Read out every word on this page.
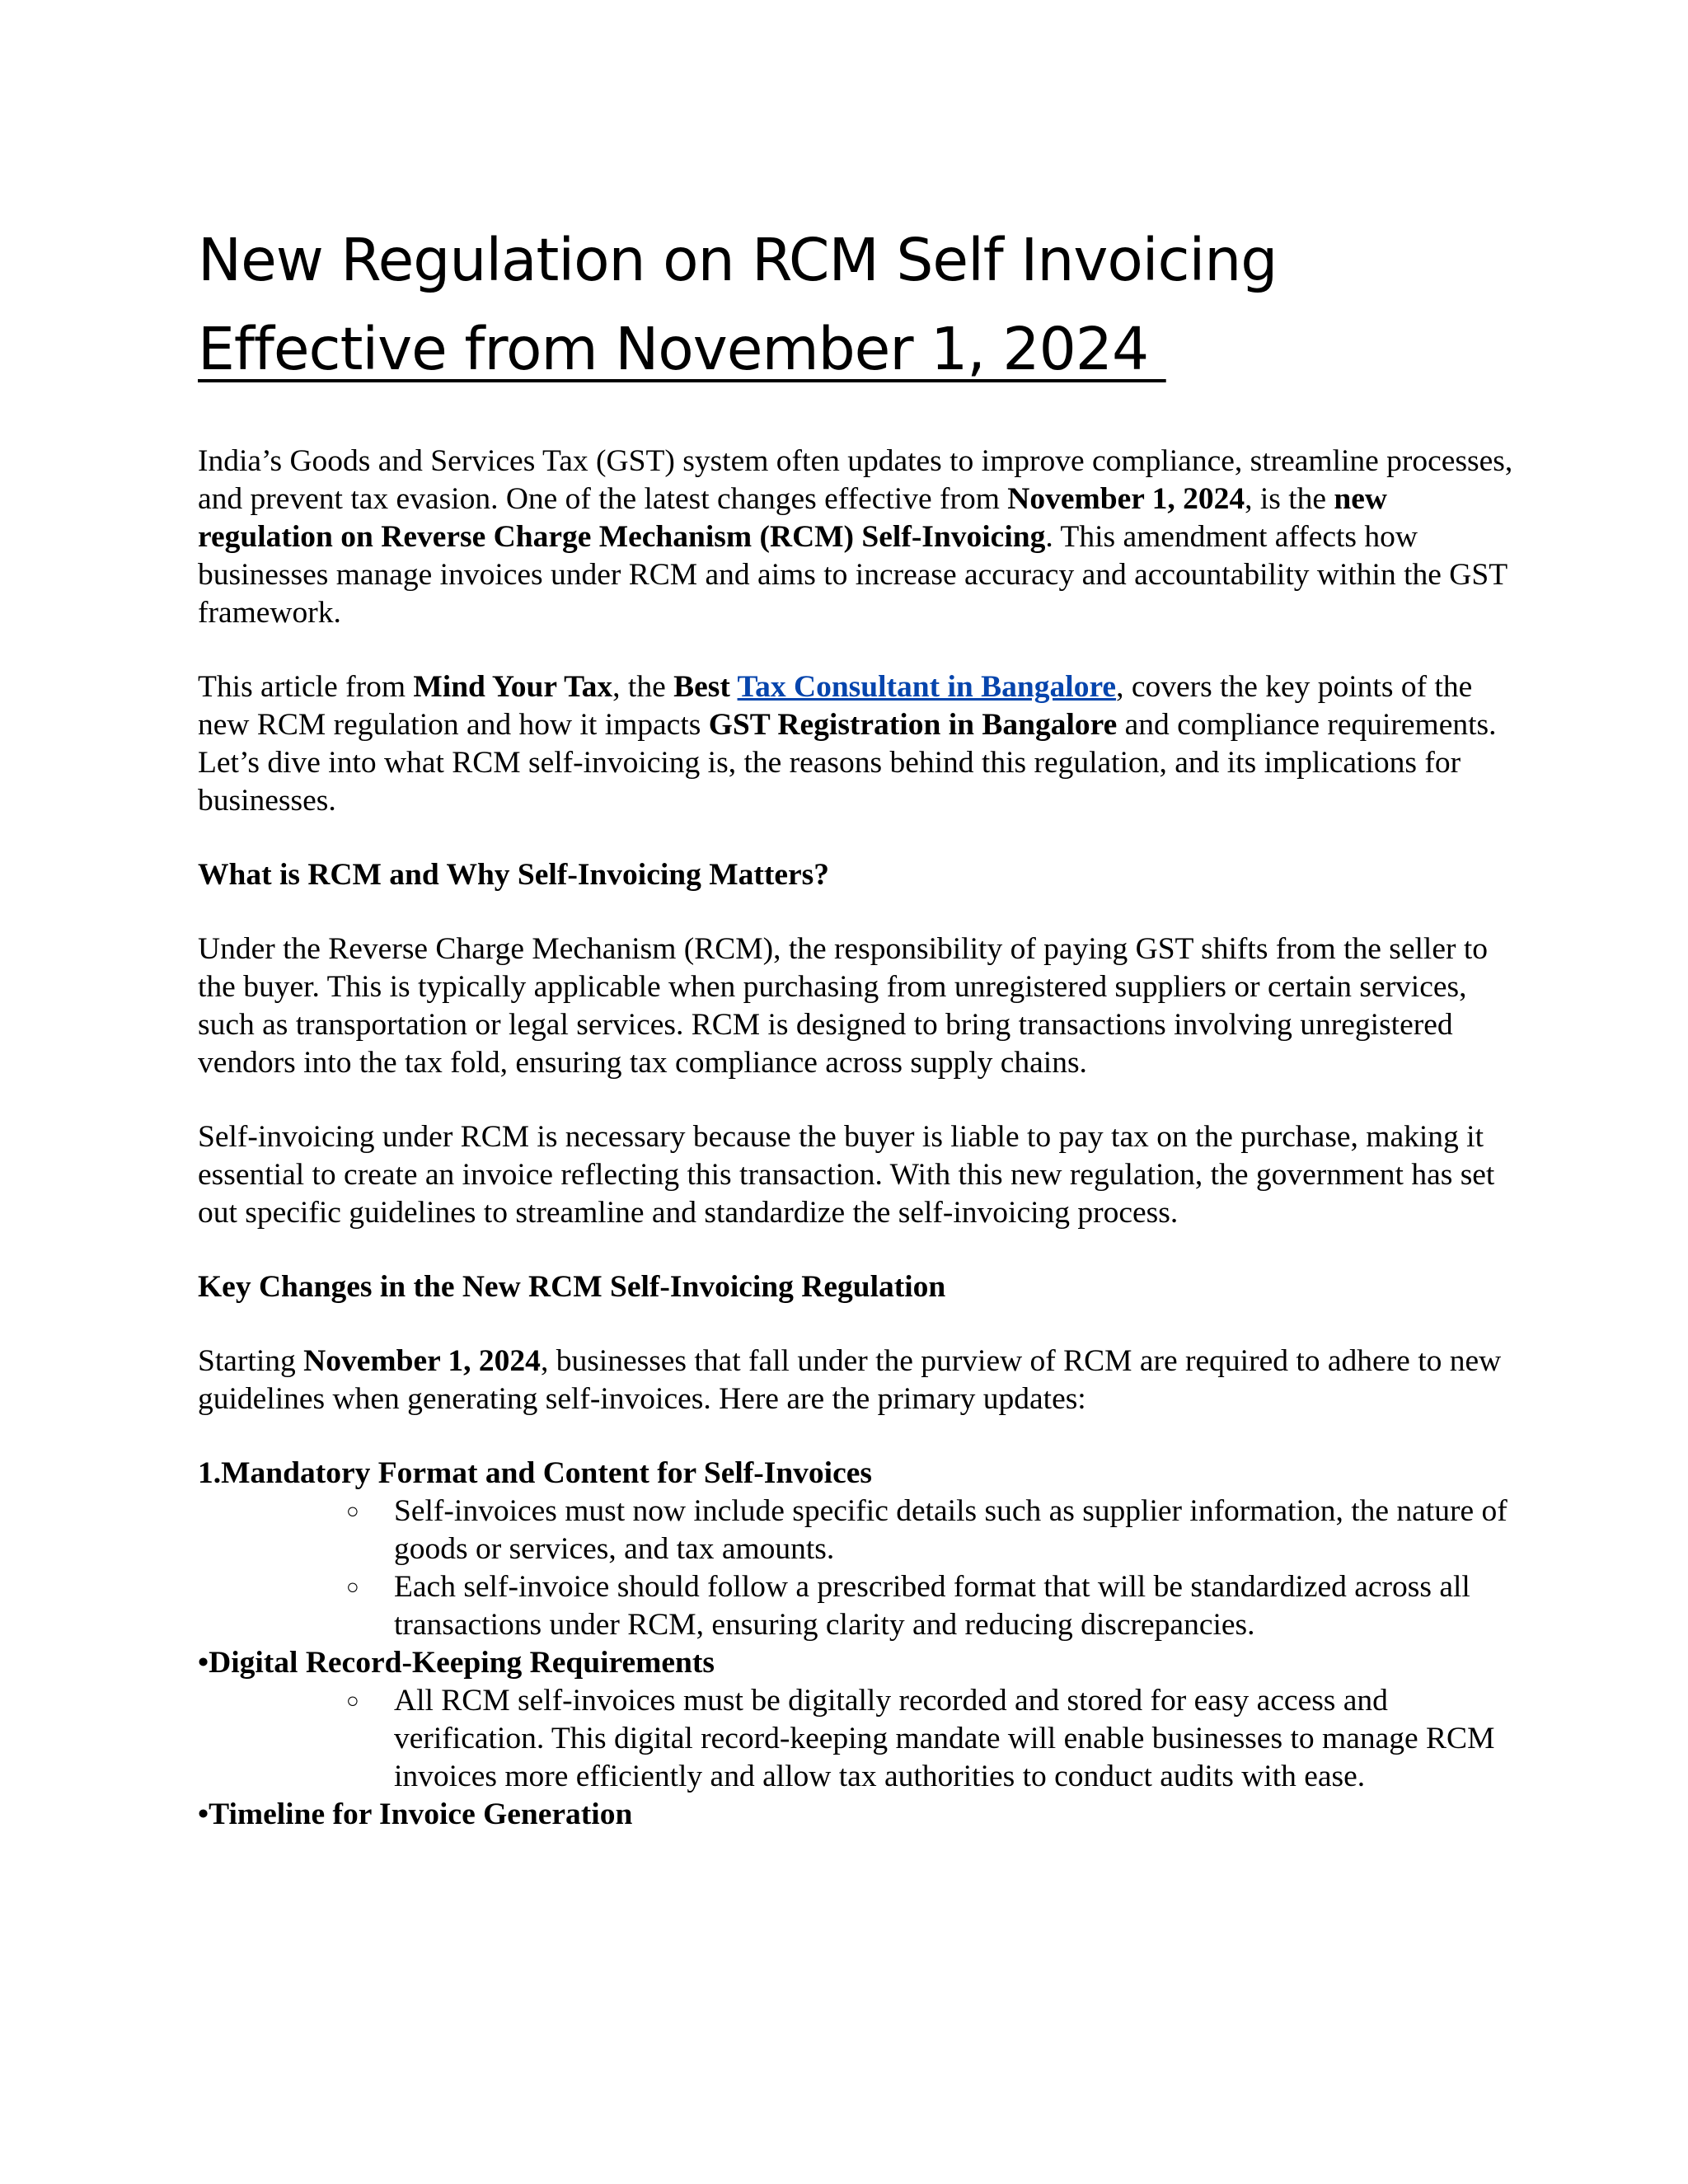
New Regulation on RCM Self Invoicing
Effective from November 1, 2024

India’s Goods and Services Tax (GST) system often updates to improve compliance, streamline processes, and prevent tax evasion. One of the latest changes effective from November 1, 2024, is the new regulation on Reverse Charge Mechanism (RCM) Self-Invoicing. This amendment affects how businesses manage invoices under RCM and aims to increase accuracy and accountability within the GST framework.

This article from Mind Your Tax, the Best Tax Consultant in Bangalore, covers the key points of the new RCM regulation and how it impacts GST Registration in Bangalore and compliance requirements. Let’s dive into what RCM self-invoicing is, the reasons behind this regulation, and its implications for businesses.

What is RCM and Why Self-Invoicing Matters?

Under the Reverse Charge Mechanism (RCM), the responsibility of paying GST shifts from the seller to the buyer. This is typically applicable when purchasing from unregistered suppliers or certain services, such as transportation or legal services. RCM is designed to bring transactions involving unregistered vendors into the tax fold, ensuring tax compliance across supply chains.

Self-invoicing under RCM is necessary because the buyer is liable to pay tax on the purchase, making it essential to create an invoice reflecting this transaction. With this new regulation, the government has set out specific guidelines to streamline and standardize the self-invoicing process.

Key Changes in the New RCM Self-Invoicing Regulation

Starting November 1, 2024, businesses that fall under the purview of RCM are required to adhere to new guidelines when generating self-invoices. Here are the primary updates:

1.Mandatory Format and Content for Self-Invoices
○ Self-invoices must now include specific details such as supplier information, the nature of goods or services, and tax amounts.
○ Each self-invoice should follow a prescribed format that will be standardized across all transactions under RCM, ensuring clarity and reducing discrepancies.
•Digital Record-Keeping Requirements
○ All RCM self-invoices must be digitally recorded and stored for easy access and verification. This digital record-keeping mandate will enable businesses to manage RCM invoices more efficiently and allow tax authorities to conduct audits with ease.
•Timeline for Invoice Generation
